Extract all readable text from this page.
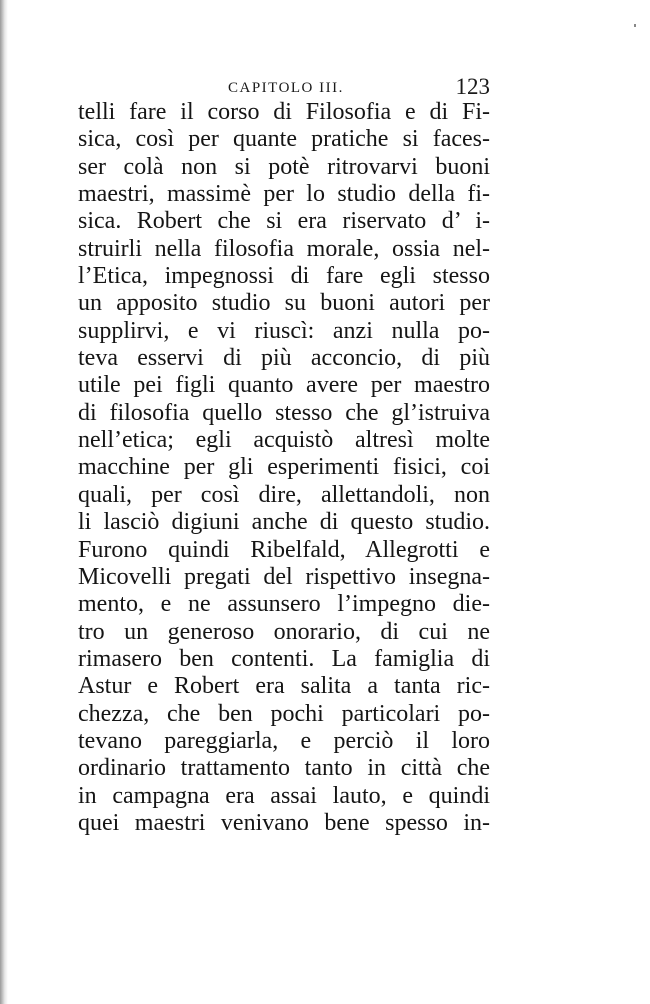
CAPITOLO III.	123
telli fare il corso di Filosofia e di Fi-
sica, così per quante pratiche si faces-
ser colà non si potè ritrovarvi buoni
maestri, massimè per lo studio della fi-
sica. Robert che si era riservato d’ i-
struirli nella filosofia morale, ossia nel-
l’Etica, impegnossi di fare egli stesso
un apposito studio su buoni autori per
supplirvi, e vi riuscì: anzi nulla po-
teva esservi di più acconcio, di più
utile pei figli quanto avere per maestro
di filosofia quello stesso che gl’istruiva
nell’etica; egli acquistò altresì molte
macchine per gli esperimenti fisici, coi
quali, per così dire, allettandoli, non
li lasciò digiuni anche di questo studio.
Furono quindi Ribelfald, Allegrotti e
Micovelli pregati del rispettivo insegna-
mento, e ne assunsero l’impegno die-
tro un generoso onorario, di cui ne
rimasero ben contenti. La famiglia di
Astur e Robert era salita a tanta ric-
chezza, che ben pochi particolari po-
tevano pareggiarla, e perciò il loro
ordinario trattamento tanto in città che
in campagna era assai lauto, e quindi
quei maestri venivano bene spesso in-
